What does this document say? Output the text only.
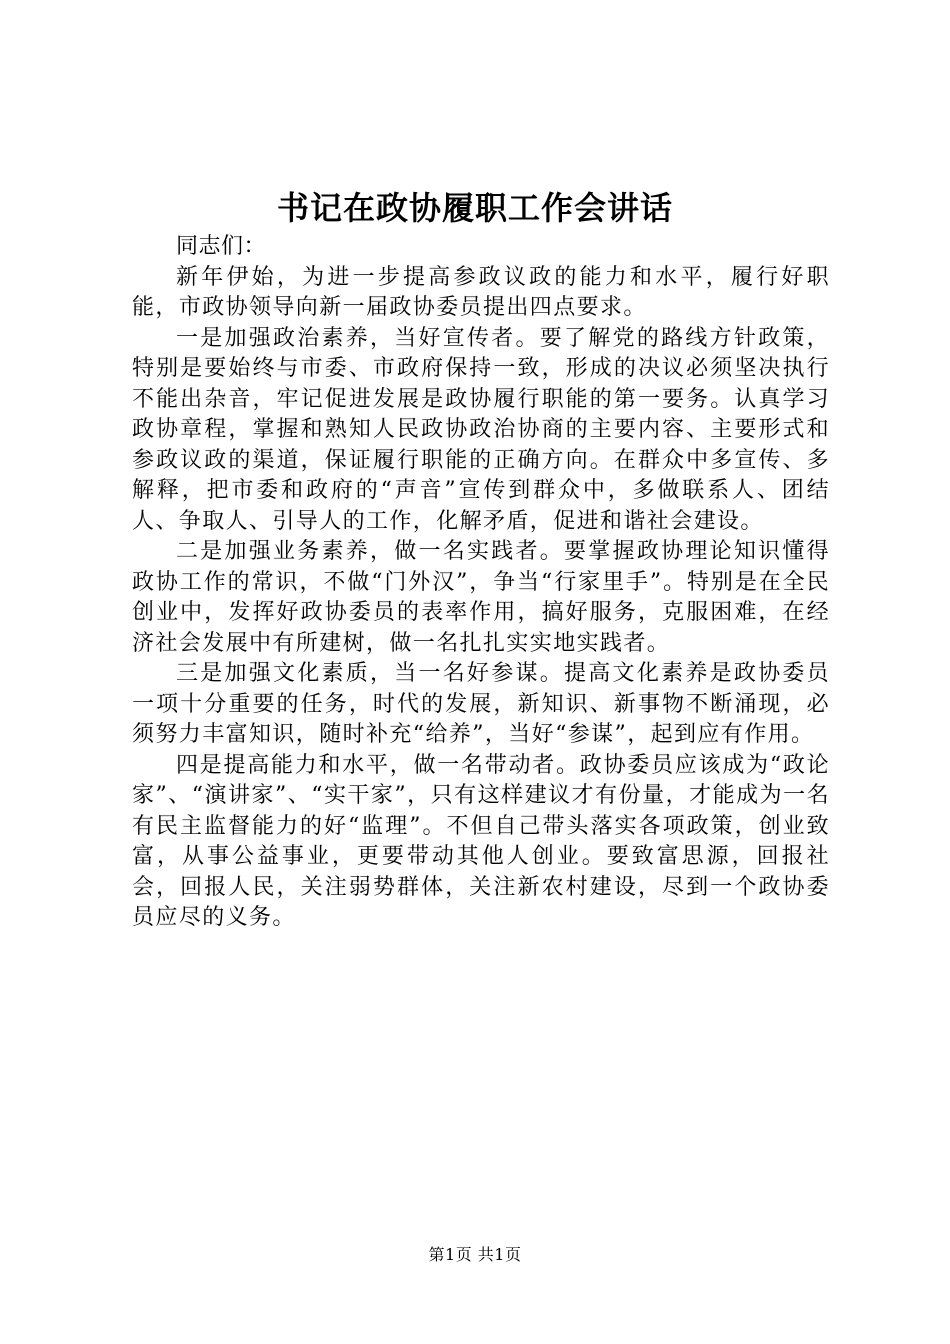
书记在政协履职工作会讲话

同志们：

新年伊始，为进一步提高参政议政的能力和水平，履行好职能，市政协领导向新一届政协委员提出四点要求。

一是加强政治素养，当好宣传者。要了解党的路线方针政策，特别是要始终与市委、市政府保持一致，形成的决议必须坚决执行不能出杂音，牢记促进发展是政协履行职能的第一要务。认真学习政协章程，掌握和熟知人民政协政治协商的主要内容、主要形式和参政议政的渠道，保证履行职能的正确方向。在群众中多宣传、多解释，把市委和政府的“声音”宣传到群众中，多做联系人、团结人、争取人、引导人的工作，化解矛盾，促进和谐社会建设。

二是加强业务素养，做一名实践者。要掌握政协理论知识懂得政协工作的常识，不做“门外汉”，争当“行家里手”。特别是在全民创业中，发挥好政协委员的表率作用，搞好服务，克服困难，在经济社会发展中有所建树，做一名扎扎实实地实践者。

三是加强文化素质，当一名好参谋。提高文化素养是政协委员一项十分重要的任务，时代的发展，新知识、新事物不断涌现，必须努力丰富知识，随时补充“给养”，当好“参谋”，起到应有作用。

四是提高能力和水平，做一名带动者。政协委员应该成为“政论家”、“演讲家”、“实干家”，只有这样建议才有份量，才能成为一名有民主监督能力的好“监理”。不但自己带头落实各项政策，创业致富，从事公益事业，更要带动其他人创业。要致富思源，回报社会，回报人民，关注弱势群体，关注新农村建设，尽到一个政协委员应尽的义务。

第1页 共1页
